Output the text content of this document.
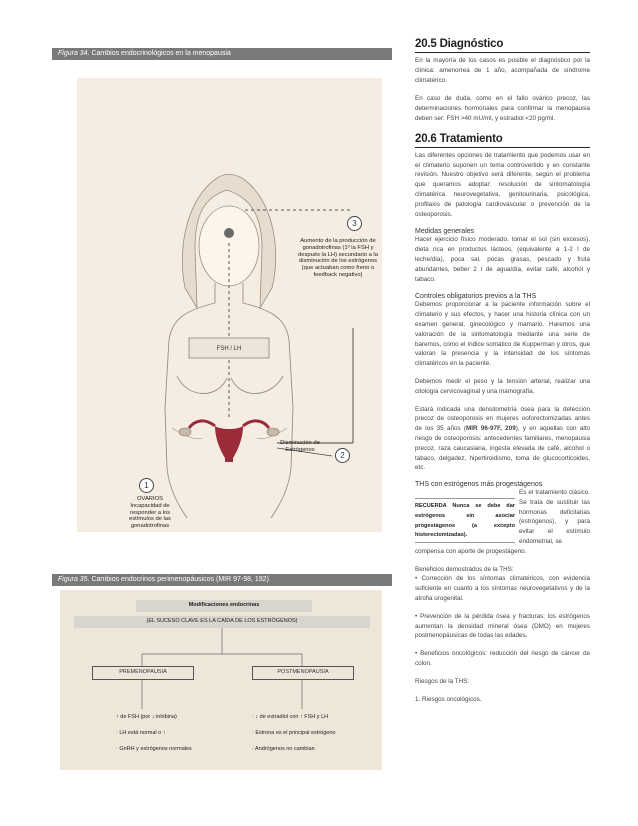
Figura 34. Cambios endocrinológicos en la menopausia
3
2
1
FSH / LH
Aumento de la producción de gonadotrofinas (1º la FSH y después la LH) secundario a la disminución de los estrógenos (que actuaban como freno o feedback negativo)
Disminución de Estrógenos
OVARIOS Incapacidad de responder a los estímulos de las gonadotrofinas
Figura 35. Cambios endocrinos perimenopáusicos (MIR 97-98, 192)
Modificaciones endocrinas
(EL SUCESO CLAVE ES LA CAÍDA DE LOS ESTRÓGENOS)
PREMENOPAUSIA	POSTMENOPAUSIA
↑ de FSH (por ↓ inhibina)
· LH está normal o ↑
· GnRH y estrógenos normales
· ↓ de estradiol con ↑ FSH y LH
· Estrona es el principal estrógeno
· Andrógenos no cambian
20.5 Diagnóstico
En la mayoría de los casos es posible el diagnóstico por la clínica: amenorrea de 1 año, acompañada de síndrome climatérico.
En caso de duda, como en el fallo ovárico precoz, las determinaciones hormonales para confirmar la menopausia deben ser: FSH >40 mU/ml, y estradiol <20 pg/ml.
20.6 Tratamiento
Las diferentes opciones de tratamiento que podemos usar en el climaterio suponen un tema controvertido y en constante revisión. Nuestro objetivo será diferente, según el problema que queramos adoptar: resolución de sintomatología climatérica neurovegetativa, genitourinaria, psicológica, profilaxis de patología cardiovascular o prevención de la osteoporosis.
Medidas generales
Hacer ejercicio físico moderado, tomar el sol (sin excesos), dieta rica en productos lácteos, (equivalente a 1-2 l de leche/día), poca sal, pocas grasas, pescado y fruta abundantes, beber 2 l de agua/día, evitar café, alcohol y tabaco.
Controles obligatorios previos a la THS
Debemos proporcionar a la paciente información sobre el climaterio y sus efectos, y hacer una historia clínica con un examen general, ginecológico y mamario. Haremos una valoración de la sintomatología mediante una serie de baremos, como el índice somático de Kupperman y otros, que valoran la presencia y la intensidad de los síntomas climatéricos en la paciente.
Debemos medir el peso y la tensión arterial, realizar una citología cervicovaginal y una mamografía.
Estará indicada una densitometría ósea para la detección precoz de osteoporosis en mujeres ooforectomizadas antes de los 35 años (MIR 96-97F, 209), y en aquellas con alto riesgo de osteoporosis: antecedentes familiares, menopausia precoz, raza caucasiana, ingesta elevada de café, alcohol o tabaco, delgadez, hipertiroidismo, toma de glucocorticoides, etc.
THS con estrógenos más progestágenos
RECUERDA Nunca se debe dar estrógenos sin asociar progestágenos (a excepto histerectomizadas).
Es el tratamiento clásico. Se trata de sustituir las hormonas deficitarias (estrógenos), y para evitar el estímulo endometrial, se
compensa con aporte de progestágeno.
Beneficios demostrados de la THS:
• Corrección de los síntomas climatéricos, con evidencia suficiente en cuanto a los síntomas neurovegetativos y de la atrofia urogenital.
• Prevención de la pérdida ósea y fracturas: los estrógenos aumentan la densidad mineral ósea (DMO) en mujeres postmenopáusicas de todas las edades.
• Beneficios oncológicos: reducción del riesgo de cáncer de colon.
Riesgos de la THS:
1. Riesgos oncológicos.
